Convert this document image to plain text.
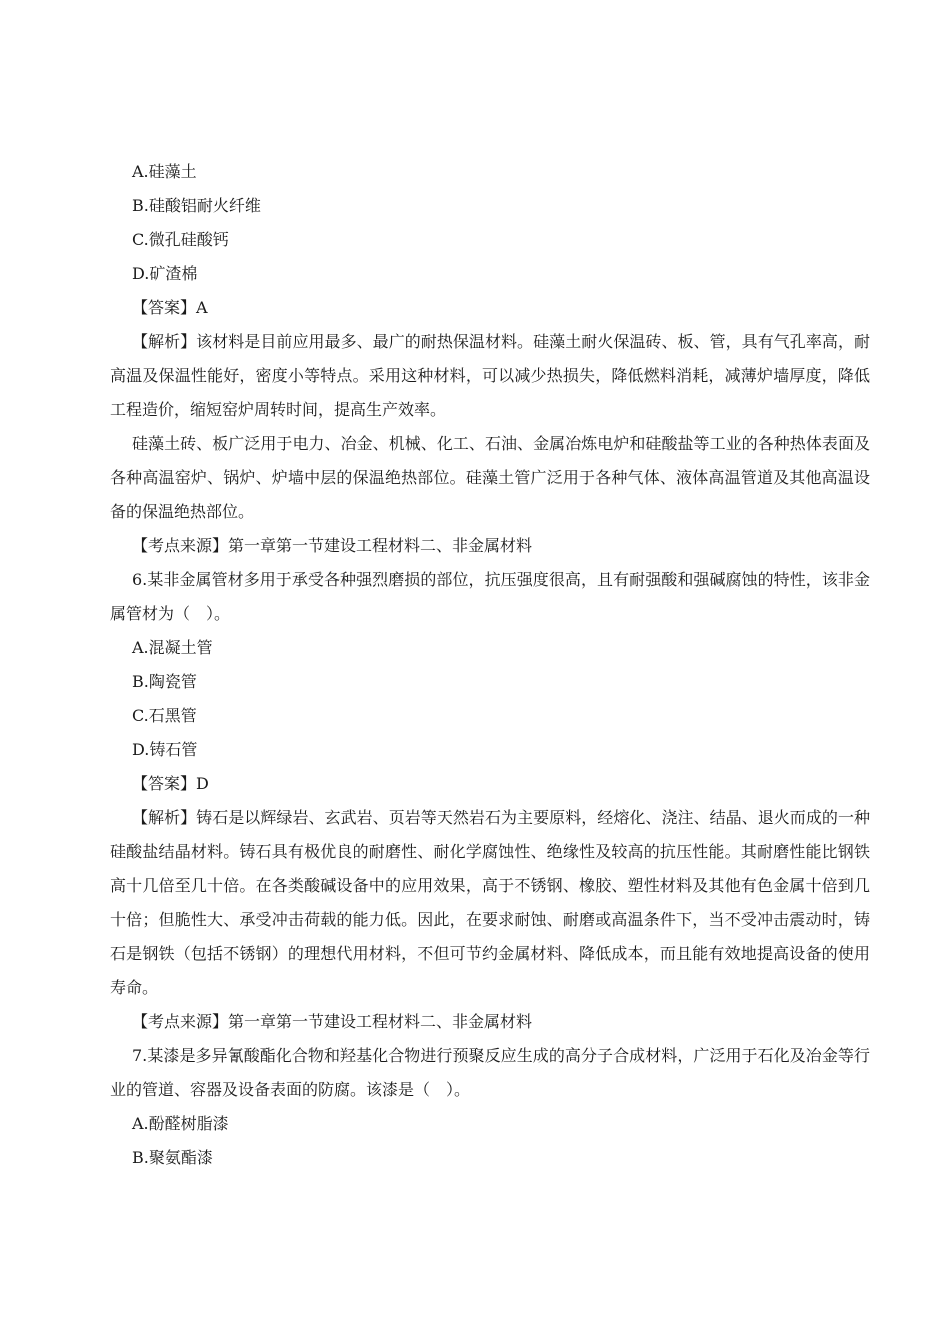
A.硅藻土

B.硅酸铝耐火纤维

C.微孔硅酸钙

D.矿渣棉

【答案】A

【解析】该材料是目前应用最多、最广的耐热保温材料。硅藻土耐火保温砖、板、管，具有气孔率高，耐高温及保温性能好，密度小等特点。采用这种材料，可以减少热损失，降低燃料消耗，减薄炉墙厚度，降低工程造价，缩短窑炉周转时间，提高生产效率。

硅藻土砖、板广泛用于电力、冶金、机械、化工、石油、金属冶炼电炉和硅酸盐等工业的各种热体表面及各种高温窑炉、锅炉、炉墙中层的保温绝热部位。硅藻土管广泛用于各种气体、液体高温管道及其他高温设备的保温绝热部位。

【考点来源】第一章第一节建设工程材料二、非金属材料

6.某非金属管材多用于承受各种强烈磨损的部位，抗压强度很高，且有耐强酸和强碱腐蚀的特性，该非金属管材为（　）。

A.混凝土管

B.陶瓷管

C.石黑管

D.铸石管

【答案】D

【解析】铸石是以辉绿岩、玄武岩、页岩等天然岩石为主要原料，经熔化、浇注、结晶、退火而成的一种硅酸盐结晶材料。铸石具有极优良的耐磨性、耐化学腐蚀性、绝缘性及较高的抗压性能。其耐磨性能比钢铁高十几倍至几十倍。在各类酸碱设备中的应用效果，高于不锈钢、橡胶、塑性材料及其他有色金属十倍到几十倍；但脆性大、承受冲击荷载的能力低。因此，在要求耐蚀、耐磨或高温条件下，当不受冲击震动时，铸石是钢铁（包括不锈钢）的理想代用材料，不但可节约金属材料、降低成本，而且能有效地提高设备的使用寿命。

【考点来源】第一章第一节建设工程材料二、非金属材料

7.某漆是多异氰酸酯化合物和羟基化合物进行预聚反应生成的高分子合成材料，广泛用于石化及冶金等行业的管道、容器及设备表面的防腐。该漆是（　）。

A.酚醛树脂漆

B.聚氨酯漆
